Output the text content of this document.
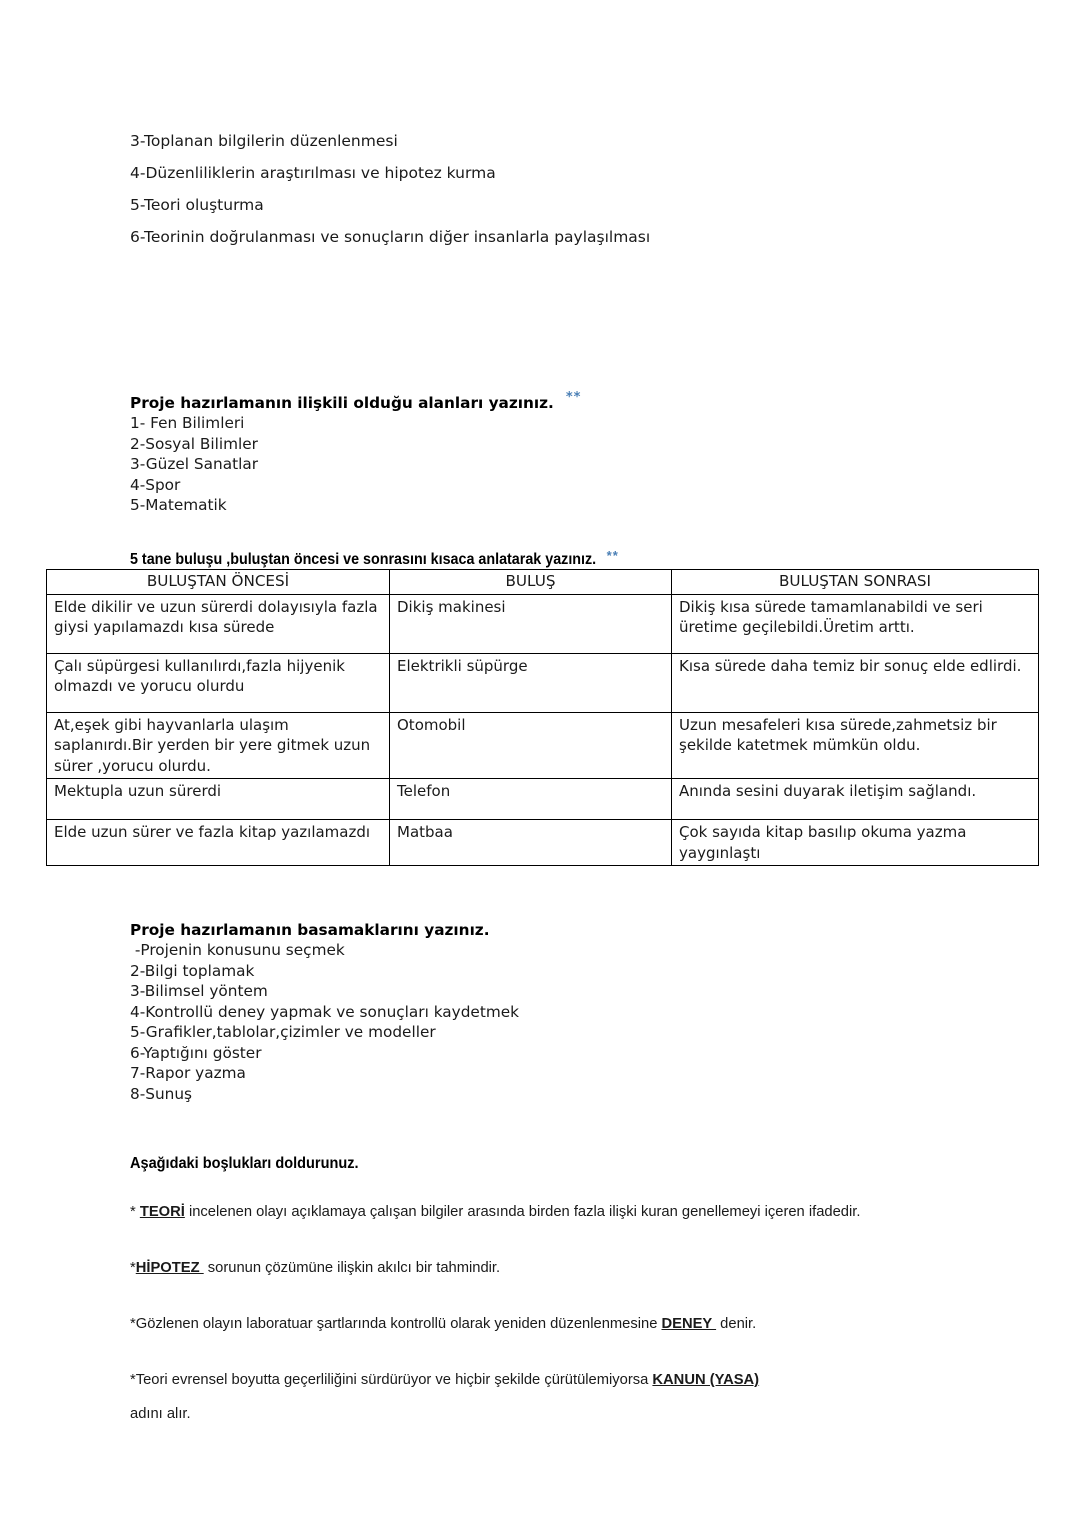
3-Toplanan bilgilerin düzenlenmesi
4-Düzenliliklerin araştırılması ve hipotez kurma
5-Teori oluşturma
6-Teorinin doğrulanması ve sonuçların diğer insanlarla paylaşılması
Proje hazırlamanın ilişkili olduğu alanları yazınız. **
1- Fen Bilimleri
2-Sosyal Bilimler
3-Güzel Sanatlar
4-Spor
5-Matematik
5 tane buluşu ,buluştan öncesi ve sonrasını kısaca anlatarak yazınız. **
BULUŞTAN ÖNCESİ	BULUŞ	BULUŞTAN SONRASI
Elde dikilir ve uzun sürerdi dolayısıyla fazla giysi yapılamazdı kısa sürede	Dikiş makinesi	Dikiş kısa sürede tamamlanabildi ve seri üretime geçilebildi.Üretim arttı.
Çalı süpürgesi kullanılırdı,fazla hijyenik olmazdı ve yorucu olurdu	Elektrikli süpürge	Kısa sürede daha temiz bir sonuç elde edlirdi.
At,eşek gibi hayvanlarla ulaşım saplanırdı.Bir yerden bir yere gitmek uzun sürer ,yorucu olurdu.	Otomobil	Uzun mesafeleri kısa sürede,zahmetsiz bir şekilde katetmek mümkün oldu.
Mektupla uzun sürerdi	Telefon	Anında sesini duyarak iletişim sağlandı.
Elde uzun sürer ve fazla kitap yazılamazdı	Matbaa	Çok sayıda kitap basılıp okuma yazma yaygınlaştı
Proje hazırlamanın basamaklarını yazınız.
-Projenin konusunu seçmek
2-Bilgi toplamak
3-Bilimsel yöntem
4-Kontrollü deney yapmak ve sonuçları kaydetmek
5-Grafikler,tablolar,çizimler ve modeller
6-Yaptığını göster
7-Rapor yazma
8-Sunuş
Aşağıdaki boşlukları doldurunuz.

* TEORİ incelenen olayı açıklamaya çalışan bilgiler arasında birden fazla ilişki kuran genellemeyi içeren ifadedir.

*HİPOTEZ  sorunun çözümüne ilişkin akılcı bir tahmindir.

*Gözlenen olayın laboratuar şartlarında kontrollü olarak yeniden düzenlenmesine DENEY  denir.

*Teori evrensel boyutta geçerliliğini sürdürüyor ve hiçbir şekilde çürütülemiyorsa KANUN (YASA)
adını alır.
